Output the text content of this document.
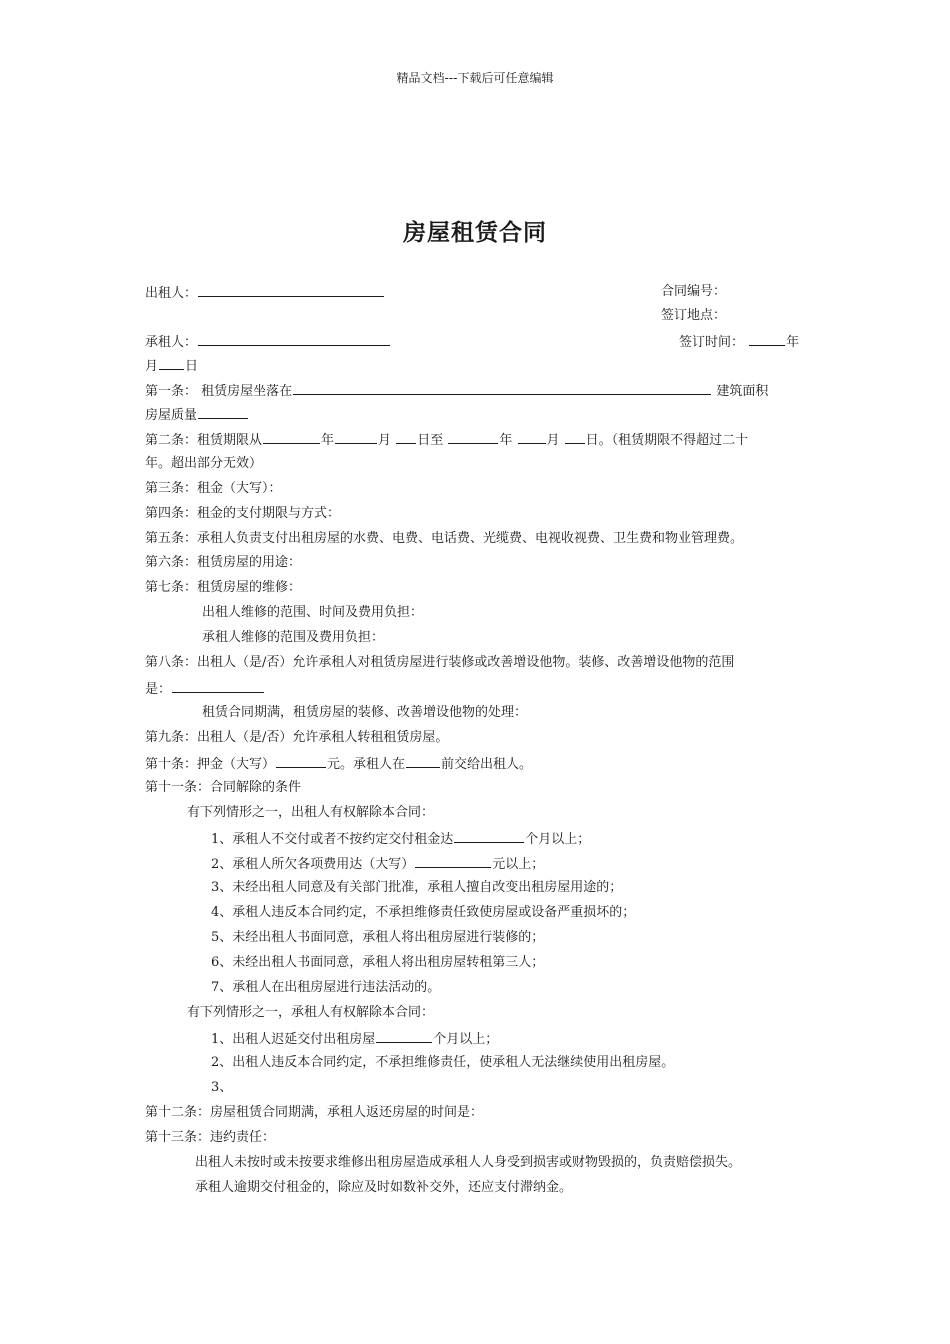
精品文档---下载后可任意编辑
房屋租赁合同
出租人：	合同编号：
签订地点：
承租人：	签订时间：	年
月 日
第一条： 租赁房屋坐落在	建筑面积
房屋质量
第二条：租赁期限从	年	月 日至	年	月 日。（租赁期限不得超过二十
年。超出部分无效）
第三条：租金（大写）：
第四条：租金的支付期限与方式：
第五条：承租人负责支付出租房屋的水费、电费、电话费、光缆费、电视收视费、卫生费和物业管理费。
第六条：租赁房屋的用途：
第七条：租赁房屋的维修：
出租人维修的范围、时间及费用负担：
承租人维修的范围及费用负担：
第八条：出租人（是/否）允许承租人对租赁房屋进行装修或改善增设他物。装修、改善增设他物的范围
是：
租赁合同期满，租赁房屋的装修、改善增设他物的处理：
第九条：出租人（是/否）允许承租人转租租赁房屋。
第十条：押金（大写）	元。承租人在	前交给出租人。
第十一条：合同解除的条件
有下列情形之一，出租人有权解除本合同：
1、承租人不交付或者不按约定交付租金达	个月以上；
2、承租人所欠各项费用达（大写）	元以上；
3、未经出租人同意及有关部门批准，承租人擅自改变出租房屋用途的；
4、承租人违反本合同约定，不承担维修责任致使房屋或设备严重损坏的；
5、未经出租人书面同意，承租人将出租房屋进行装修的；
6、未经出租人书面同意，承租人将出租房屋转租第三人；
7、承租人在出租房屋进行违法活动的。
有下列情形之一，承租人有权解除本合同：
1、出租人迟延交付出租房屋	个月以上；
2、出租人违反本合同约定，不承担维修责任，使承租人无法继续使用出租房屋。
3、
第十二条：房屋租赁合同期满，承租人返还房屋的时间是：
第十三条：违约责任：
出租人未按时或未按要求维修出租房屋造成承租人人身受到损害或财物毁损的，负责赔偿损失。
承租人逾期交付租金的，除应及时如数补交外，还应支付滞纳金。
